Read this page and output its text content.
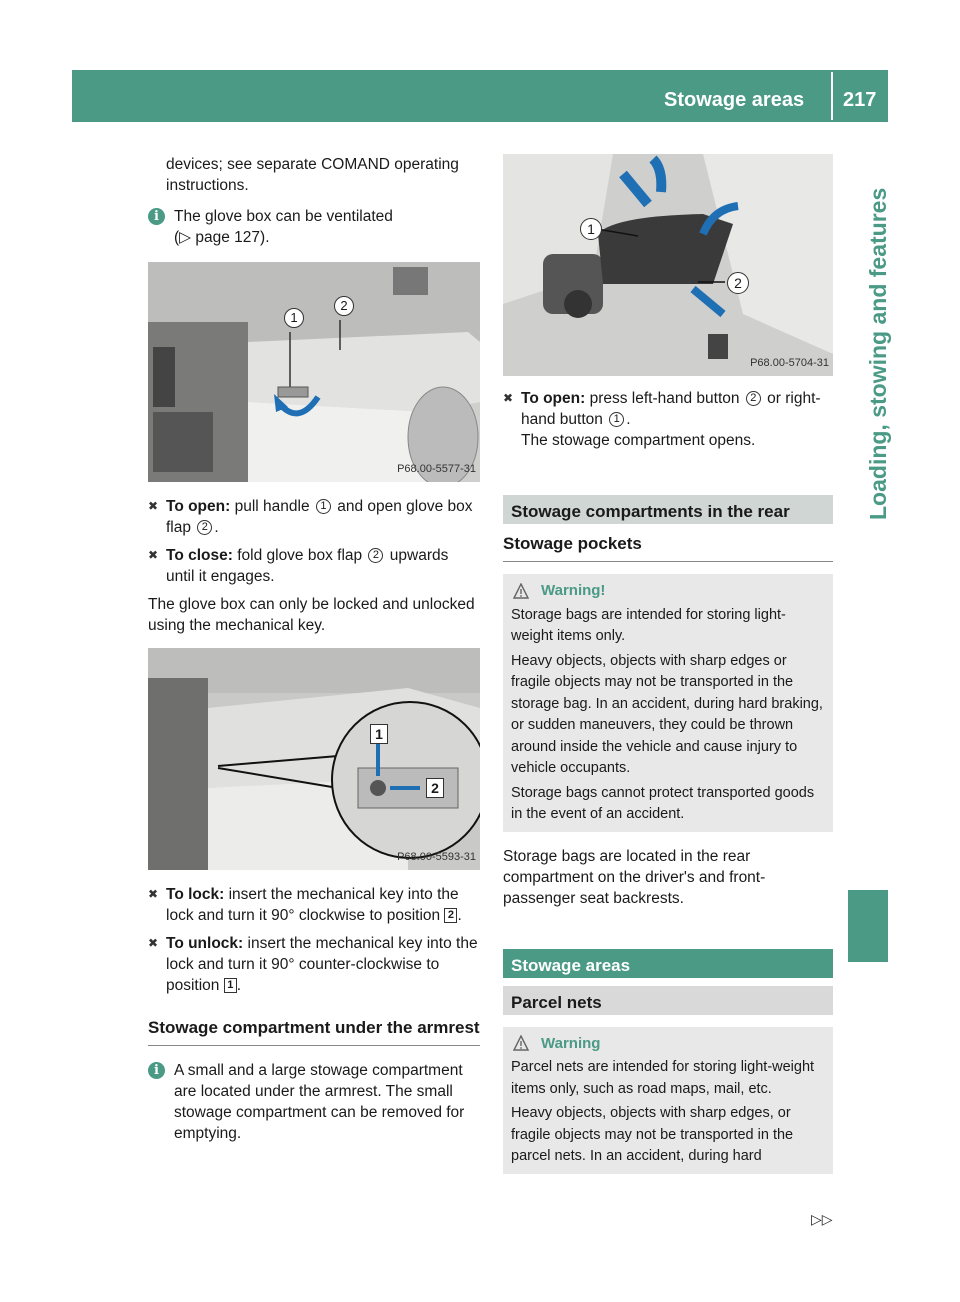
Stowage areas 217
Loading, stowing and features

devices; see separate COMAND operating instructions.

i The glove box can be ventilated

(▷ page 127).

1
2
P68.00-5577-31
✖ To open: pull handle 1 and open glove box flap 2 .
✖ To close: fold glove box flap 2 upwards until it engages.

The glove box can only be locked and unlocked using the mechanical key.

1
2
P68.00-5593-31
✖ To lock: insert the mechanical key into the lock and turn it 90° clockwise to position 2 .
✖ To unlock: insert the mechanical key into the lock and turn it 90° counter-clockwise to position 1 .

Stowage compartment under the armrest

i A small and a large stowage compartment are located under the armrest. The small stowage compartment can be removed for emptying.

1
2
P68.00-5704-31
✖ To open: press left-hand button 2 or right-hand button 1 .

The stowage compartment opens.

Stowage compartments in the rear

Stowage pockets

Warning!

Storage bags are intended for storing light-weight items only.

Heavy objects, objects with sharp edges or fragile objects may not be transported in the storage bag. In an accident, during hard braking, or sudden maneuvers, they could be thrown around inside the vehicle and cause injury to vehicle occupants.

Storage bags cannot protect transported goods in the event of an accident.

Storage bags are located in the rear compartment on the driver's and front-passenger seat backrests.

Stowage areas
Parcel nets
Warning

Parcel nets are intended for storing light-weight items only, such as road maps, mail, etc.

Heavy objects, objects with sharp edges, or fragile objects may not be transported in the parcel nets. In an accident, during hard

▷▷
